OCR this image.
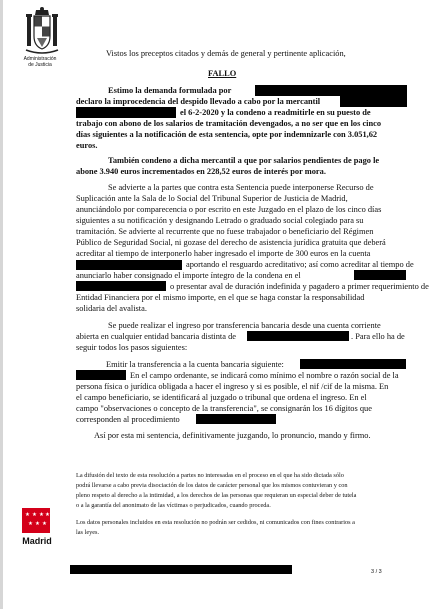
Administración
de Justicia

Vistos los preceptos citados y demás de general y pertinente aplicación,

FALLO

Estimo la demanda formulada por

declaro la improcedencia del despido llevado a cabo por la mercantil

el 6-2-2020 y la condeno a readmitirle en su puesto de

trabajo con abono de los salarios de tramitación devengados, a no ser que en los cinco

días siguientes a la notificación de esta sentencia, opte por indemnizarle con 3.051,62

euros.

También condeno a dicha mercantil a que por salarios pendientes de pago le

abone 3.940 euros incrementados en 228,52 euros de interés por mora.

Se advierte a la partes que contra esta Sentencia puede interponerse Recurso de

Suplicación ante la Sala de lo Social del Tribunal Superior de Justicia de Madrid,

anunciándolo por comparecencia o por escrito en este Juzgado en el plazo de los cinco días

siguientes a su notificación y designando Letrado o graduado social colegiado para su

tramitación. Se advierte al recurrente que no fuese trabajador o beneficiario del Régimen

Público de Seguridad Social, ni gozase del derecho de asistencia jurídica gratuita que deberá

acreditar al tiempo de interponerlo haber ingresado el importe de 300 euros en la cuenta

aportando el resguardo acreditativo; así como acreditar al tiempo de

anunciarlo haber consignado el importe íntegro de la condena en el

o presentar aval de duración indefinida y pagadero a primer requerimiento de

Entidad Financiera por el mismo importe, en el que se haga constar la responsabilidad

solidaria del avalista.

Se puede realizar el ingreso por transferencia bancaria desde una cuenta corriente

abierta en cualquier entidad bancaria distinta de	. Para ello ha de

seguir todos los pasos siguientes:

Emitir la transferencia a la cuenta bancaria siguiente:

En el campo ordenante, se indicará como mínimo el nombre o razón social de la

persona física o jurídica obligada a hacer el ingreso y si es posible, el nif /cif de la misma. En

el campo beneficiario, se identificará al juzgado o tribunal que ordena el ingreso. En el

campo "observaciones o concepto de la transferencia", se consignarán los 16 dígitos que

corresponden al procedimiento

Así por esta mi sentencia, definitivamente juzgando, lo pronuncio, mando y firmo.

La difusión del texto de esta resolución a partes no interesadas en el proceso en el que ha sido dictada sólo

podrá llevarse a cabo previa disociación de los datos de carácter personal que los mismos contuvieran y con

pleno respeto al derecho a la intimidad, a los derechos de las personas que requieran un especial deber de tutela

o a la garantía del anonimato de las víctimas o perjudicados, cuando proceda.

Los datos personales incluidos en esta resolución no podrán ser cedidos, ni comunicados con fines contrarios a

las leyes.

★ ★ ★ ★
★ ★ ★
Madrid
3 / 3
